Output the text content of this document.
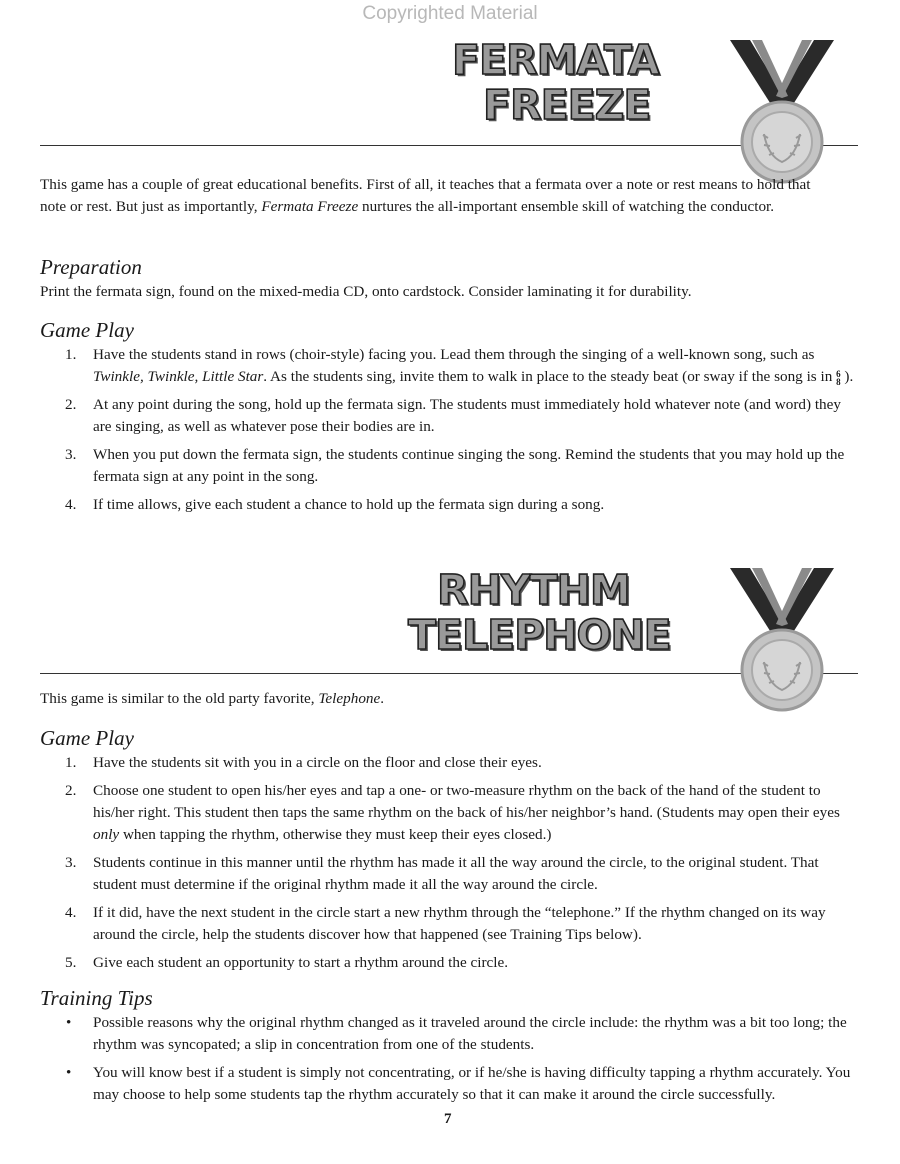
Copyrighted Material
FERMATA
FREEZE

This game has a couple of great educational benefits. First of all, it teaches that a fermata over a note or rest means to hold that note or rest. But just as importantly, Fermata Freeze nurtures the all-important ensemble skill of watching the conductor.

Preparation

Print the fermata sign, found on the mixed-media CD, onto cardstock. Consider laminating it for durability.

Game Play
1. Have the students stand in rows (choir-style) facing you. Lead them through the singing of a well-known song, such as Twinkle, Twinkle, Little Star. As the students sing, invite them to walk in place to the steady beat (or sway if the song is in 6
8 ).
2. At any point during the song, hold up the fermata sign. The students must immediately hold whatever note (and word) they are singing, as well as whatever pose their bodies are in.
3. When you put down the fermata sign, the students continue singing the song. Remind the students that you may hold up the fermata sign at any point in the song.
4. If time allows, give each student a chance to hold up the fermata sign during a song.
RHYTHM
TELEPHONE

This game is similar to the old party favorite, Telephone.

Game Play
1. Have the students sit with you in a circle on the floor and close their eyes.
2. Choose one student to open his/her eyes and tap a one- or two-measure rhythm on the back of the hand of the student to his/her right. This student then taps the same rhythm on the back of his/her neighbor’s hand. (Students may open their eyes only when tapping the rhythm, otherwise they must keep their eyes closed.)
3. Students continue in this manner until the rhythm has made it all the way around the circle, to the original student. That student must determine if the original rhythm made it all the way around the circle.
4. If it did, have the next student in the circle start a new rhythm through the “telephone.” If the rhythm changed on its way around the circle, help the students discover how that happened (see Training Tips below).
5. Give each student an opportunity to start a rhythm around the circle.
Training Tips
• Possible reasons why the original rhythm changed as it traveled around the circle include: the rhythm was a bit too long; the rhythm was syncopated; a slip in concentration from one of the students.
• You will know best if a student is simply not concentrating, or if he/she is having difficulty tapping a rhythm accurately. You may choose to help some students tap the rhythm accurately so that it can make it around the circle successfully.
7
